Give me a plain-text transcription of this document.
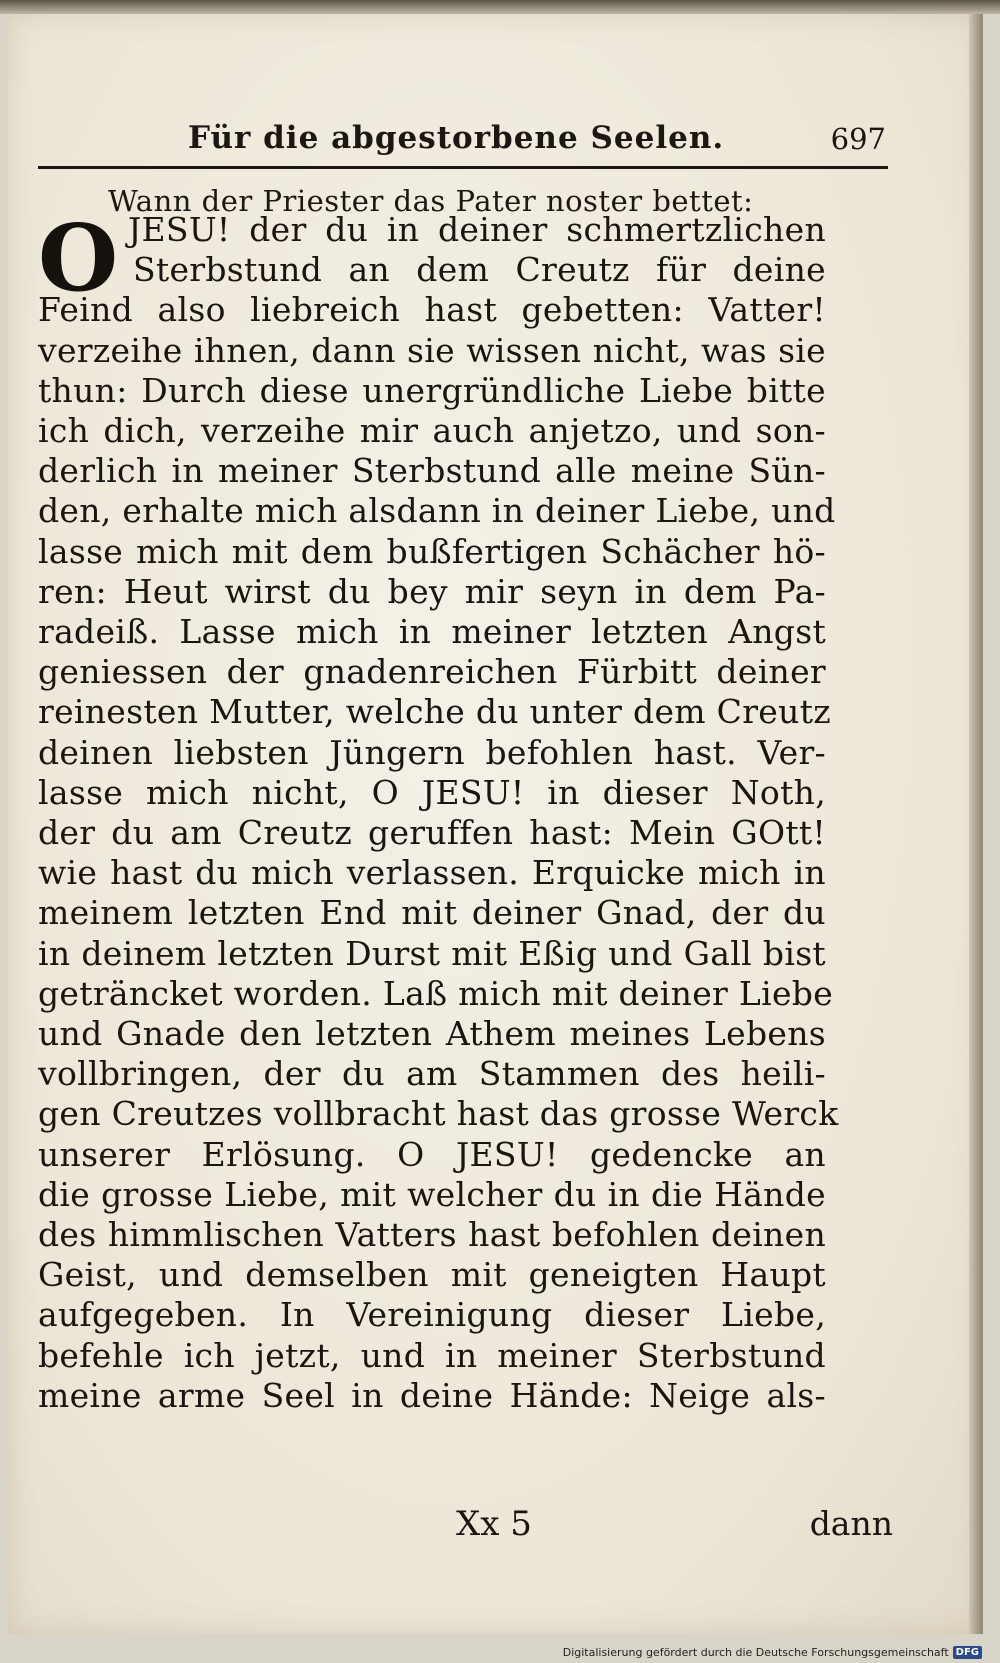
Für die abgestorbene Seelen.	697
Wann der Priester das Pater noster bettet:
O JESU! der du in deiner schmertzlichen
Sterbstund an dem Creutz für deine
Feind also liebreich hast gebetten: Vatter!
verzeihe ihnen, dann sie wissen nicht, was sie
thun: Durch diese unergründliche Liebe bitte
ich dich, verzeihe mir auch anjetzo, und son-
derlich in meiner Sterbstund alle meine Sün-
den, erhalte mich alsdann in deiner Liebe, und
lasse mich mit dem bußfertigen Schächer hö-
ren: Heut wirst du bey mir seyn in dem Pa-
radeiß. Lasse mich in meiner letzten Angst
geniessen der gnadenreichen Fürbitt deiner
reinesten Mutter, welche du unter dem Creutz
deinen liebsten Jüngern befohlen hast. Ver-
lasse mich nicht, O JESU! in dieser Noth,
der du am Creutz geruffen hast: Mein GOtt!
wie hast du mich verlassen. Erquicke mich in
meinem letzten End mit deiner Gnad, der du
in deinem letzten Durst mit Eßig und Gall bist
geträncket worden. Laß mich mit deiner Liebe
und Gnade den letzten Athem meines Lebens
vollbringen, der du am Stammen des heili-
gen Creutzes vollbracht hast das grosse Werck
unserer Erlösung. O JESU! gedencke an
die grosse Liebe, mit welcher du in die Hände
des himmlischen Vatters hast befohlen deinen
Geist, und demselben mit geneigten Haupt
aufgegeben. In Vereinigung dieser Liebe,
befehle ich jetzt, und in meiner Sterbstund
meine arme Seel in deine Hände: Neige als-
Xx 5	dann
Digitalisierung gefördert durch die Deutsche Forschungsgemeinschaft DFG
